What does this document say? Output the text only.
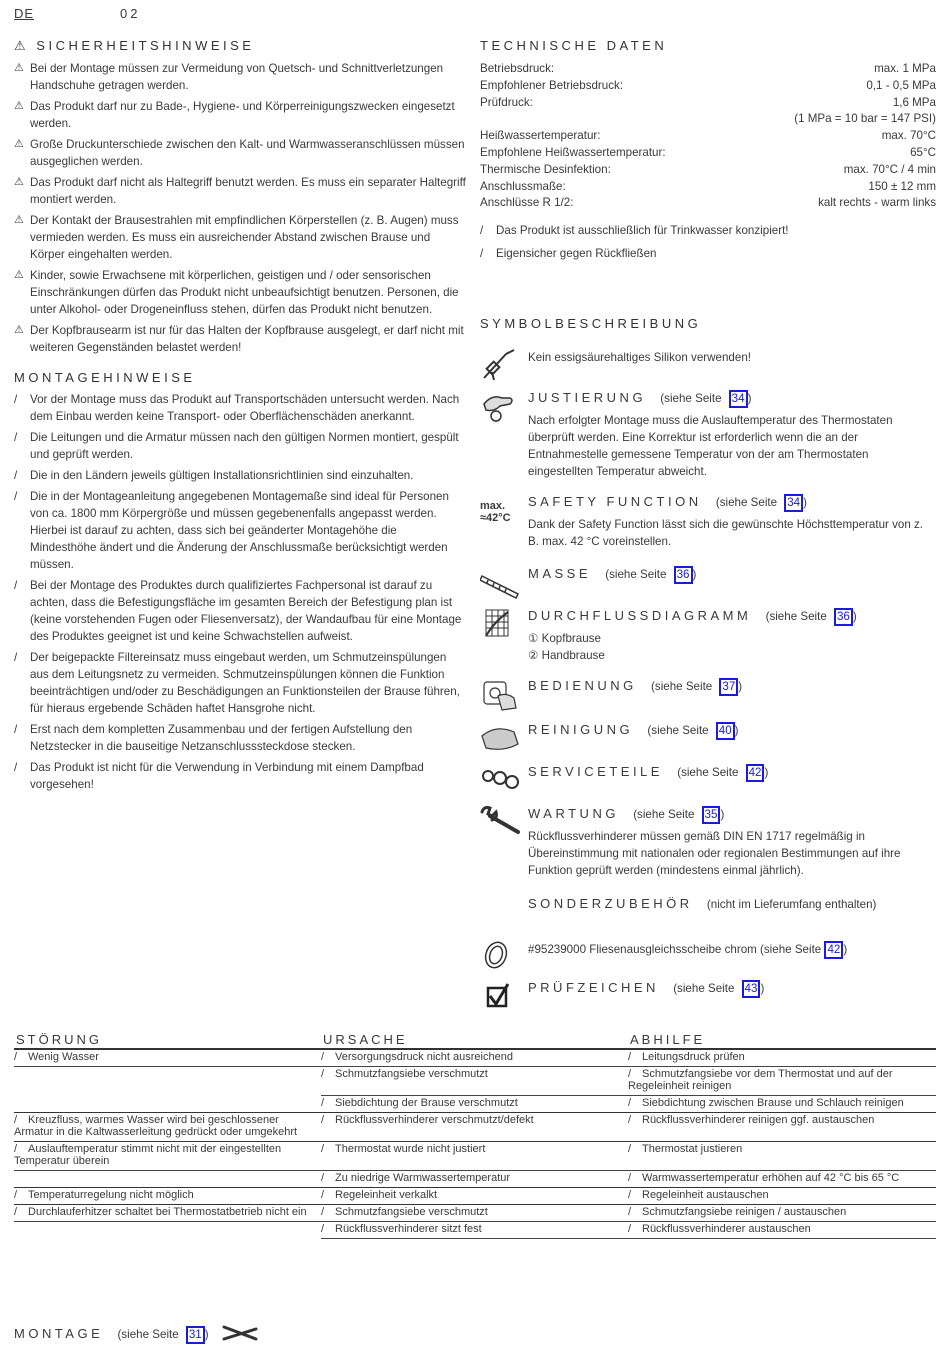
DE	02
⚠ SICHERHEITSHINWEISE
⚠ Bei der Montage müssen zur Vermeidung von Quetsch- und Schnittverletzungen Handschuhe getragen werden.
⚠ Das Produkt darf nur zu Bade-, Hygiene- und Körperreinigungszwecken eingesetzt werden.
⚠ Große Druckunterschiede zwischen den Kalt- und Warmwasseranschlüssen müssen ausgeglichen werden.
⚠ Das Produkt darf nicht als Haltegriff benutzt werden. Es muss ein separater Haltegriff montiert werden.
⚠ Der Kontakt der Brausestrahlen mit empfindlichen Körperstellen (z. B. Augen) muss vermieden werden. Es muss ein ausreichender Abstand zwischen Brause und Körper eingehalten werden.
⚠ Kinder, sowie Erwachsene mit körperlichen, geistigen und / oder sensorischen Einschränkungen dürfen das Produkt nicht unbeaufsichtigt benutzen. Personen, die unter Alkohol- oder Drogeneinfluss stehen, dürfen das Produkt nicht benutzen.
⚠ Der Kopfbrausearm ist nur für das Halten der Kopfbrause ausgelegt, er darf nicht mit weiteren Gegenständen belastet werden!
MONTAGEHINWEISE
/	Vor der Montage muss das Produkt auf Transportschäden untersucht werden. Nach dem Einbau werden keine Transport- oder Oberflächenschäden anerkannt.
/	Die Leitungen und die Armatur müssen nach den gültigen Normen montiert, gespült und geprüft werden.
/	Die in den Ländern jeweils gültigen Installationsrichtlinien sind einzuhalten.
/	Die in der Montageanleitung angegebenen Montagemaße sind ideal für Personen von ca. 1800 mm Körpergröße und müssen gegebenenfalls angepasst werden. Hierbei ist darauf zu achten, dass sich bei geänderter Montagehöhe die Mindesthöhe ändert und die Änderung der Anschlussmaße berücksichtigt werden müssen.
/	Bei der Montage des Produktes durch qualifiziertes Fachpersonal ist darauf zu achten, dass die Befestigungsfläche im gesamten Bereich der Befestigung plan ist (keine vorstehenden Fugen oder Fliesenversatz), der Wandaufbau für eine Montage des Produktes geeignet ist und keine Schwachstellen aufweist.
/	Der beigepackte Filtereinsatz muss eingebaut werden, um Schmutzeinspülungen aus dem Leitungsnetz zu vermeiden. Schmutzeinspülungen können die Funktion beeinträchtigen und/oder zu Beschädigungen an Funktionsteilen der Brause führen, für hieraus ergebende Schäden haftet Hansgrohe nicht.
/	Erst nach dem kompletten Zusammenbau und der fertigen Aufstellung den Netzstecker in die bauseitige Netzanschlusssteckdose stecken.
/	Das Produkt ist nicht für die Verwendung in Verbindung mit einem Dampfbad vorgesehen!
TECHNISCHE DATEN
Betriebsdruck:	max. 1 MPa
Empfohlener Betriebsdruck:	0,1 - 0,5 MPa
Prüfdruck:	1,6 MPa
(1 MPa = 10 bar = 147 PSI)
Heißwassertemperatur:	max. 70°C
Empfohlene Heißwassertemperatur:	65°C
Thermische Desinfektion:	max. 70°C / 4 min
Anschlussmaße:	150 ± 12 mm
Anschlüsse R 1/2:	kalt rechts - warm links
/	Das Produkt ist ausschließlich für Trinkwasser konzipiert!
/	Eigensicher gegen Rückfließen
SYMBOLBESCHREIBUNG
Kein essigsäurehaltiges Silikon verwenden!
JUSTIERUNG (siehe Seite 34 )
Nach erfolgter Montage muss die Auslauftemperatur des Thermostaten überprüft werden. Eine Korrektur ist erforderlich wenn die an der Entnahmestelle gemessene Temperatur von der am Thermostaten eingestellten Temperatur abweicht.
max.
≈42°C
SAFETY FUNCTION (siehe Seite 34 )
Dank der Safety Function lässt sich die gewünschte Höchsttemperatur von z. B. max. 42 °C voreinstellen.
MASSE (siehe Seite 36 )
DURCHFLUSSDIAGRAMM (siehe Seite 36 )
① Kopfbrause
② Handbrause
BEDIENUNG (siehe Seite 37 )
REINIGUNG (siehe Seite 40 )
SERVICETEILE (siehe Seite 42 )
WARTUNG (siehe Seite 35 )
Rückflussverhinderer müssen gemäß DIN EN 1717 regelmäßig in Übereinstimmung mit nationalen oder regionalen Bestimmungen auf ihre Funktion geprüft werden (mindestens einmal jährlich).
SONDERZUBEHÖR (nicht im Lieferumfang enthalten)
#95239000 Fliesenausgleichsscheibe chrom (siehe Seite 42 )
PRÜFZEICHEN (siehe Seite 43 )
STÖRUNG	URSACHE	ABHILFE
/ Wenig Wasser	/ Versorgungsdruck nicht ausreichend	/ Leitungsdruck prüfen
	/ Schmutzfangsiebe verschmutzt	/ Schmutzfangsiebe vor dem Thermostat und auf der Regeleinheit reinigen
	/ Siebdichtung der Brause verschmutzt	/ Siebdichtung zwischen Brause und Schlauch reinigen
/ Kreuzfluss, warmes Wasser wird bei geschlossener Armatur in die Kaltwasserleitung gedrückt oder umgekehrt	/ Rückflussverhinderer verschmutzt/defekt	/ Rückflussverhinderer reinigen ggf. austauschen
/ Auslauftemperatur stimmt nicht mit der eingestellten Temperatur überein	/ Thermostat wurde nicht justiert	/ Thermostat justieren
	/ Zu niedrige Warmwassertemperatur	/ Warmwassertemperatur erhöhen auf 42 °C bis 65 °C
/ Temperaturregelung nicht möglich	/ Regeleinheit verkalkt	/ Regeleinheit austauschen
/ Durchlauferhitzer schaltet bei Thermostatbetrieb nicht ein	/ Schmutzfangsiebe verschmutzt	/ Schmutzfangsiebe reinigen / austauschen
	/ Rückflussverhinderer sitzt fest	/ Rückflussverhinderer austauschen
MONTAGE (siehe Seite 31 )
